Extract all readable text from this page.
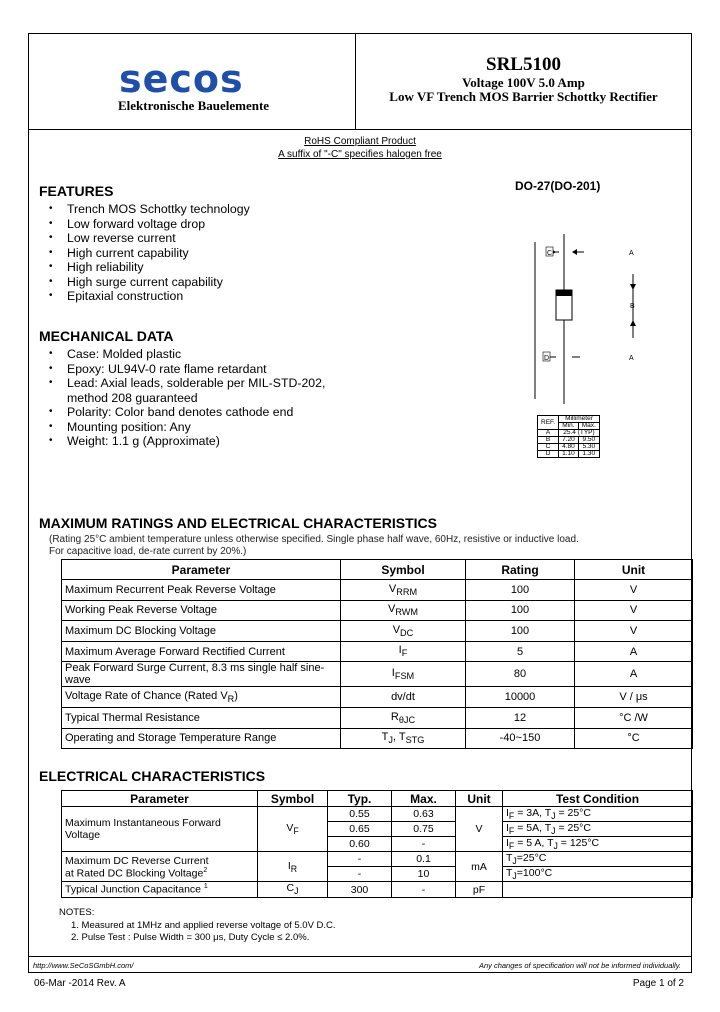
secos
Elektronische Bauelemente
SRL5100
Voltage 100V 5.0 Amp
Low VF Trench MOS Barrier Schottky Rectifier
RoHS Compliant Product
A suffix of "-C" specifies halogen free
FEATURES
• Trench MOS Schottky technology
• Low forward voltage drop
• Low reverse current
• High current capability
• High reliability
• High surge current capability
• Epitaxial construction
MECHANICAL DATA
• Case: Molded plastic
• Epoxy: UL94V-0 rate flame retardant
• Lead: Axial leads, solderable per MIL-STD-202, method 208 guaranteed
• Polarity: Color band denotes cathode end
• Mounting position: Any
• Weight: 1.1 g (Approximate)
DO-27(DO-201)
C	A
B
D	A
REF.	Millimeter	
	Min.	Max.
A	25.4 (TYP)	
B	7.20	9.50
C	4.80	5.30
D	1.10	1.30
MAXIMUM RATINGS AND ELECTRICAL CHARACTERISTICS
(Rating 25°C ambient temperature unless otherwise specified. Single phase half wave, 60Hz, resistive or inductive load.
For capacitive load, de-rate current by 20%.)
Parameter	Symbol	Rating	Unit
Maximum Recurrent Peak Reverse Voltage	$V_{RRM}$	100	V
Working Peak Reverse Voltage	$V_{RWM}$	100	V
Maximum DC Blocking Voltage	$V_{DC}$	100	V
Maximum Average Forward Rectified Current	$I_F$	5	A
Peak Forward Surge Current, 8.3 ms single half sine-wave	$I_{FSM}$	80	A
Voltage Rate of Chance (Rated $V_R$)	dv/dt	10000	V / μs
Typical Thermal Resistance	$R_{\theta JC}$	12	°C /W
Operating and Storage Temperature Range	$T_J$, $T_{STG}$	-40~150	°C
ELECTRICAL CHARACTERISTICS
Parameter	Symbol	Typ.	Max.	Unit	Test Condition
Maximum Instantaneous Forward Voltage	$V_F$	0.55	0.63	V	$I_F = 3A$, $T_J = 25^\circ C$
		0.65	0.75		$I_F = 5A$, $T_J = 25^\circ C$
		0.60	-		$I_F = 5$ A, $T_J = 125^\circ C$
Maximum DC Reverse Current
at Rated DC Blocking Voltage$^2$	$I_R$	-	0.1	mA	$T_J=25^\circ C$
		-	10		$T_J=100^\circ C$
Typical Junction Capacitance $^1$	$C_J$	300	-	pF	
NOTES:
1. Measured at 1MHz and applied reverse voltage of 5.0V D.C.
2. Pulse Test : Pulse Width = 300 μs, Duty Cycle ≤ 2.0%.
http://www.SeCoSGmbH.com/	Any changes of specification will not be informed individually.
06-Mar -2014 Rev. A	Page 1 of 2
